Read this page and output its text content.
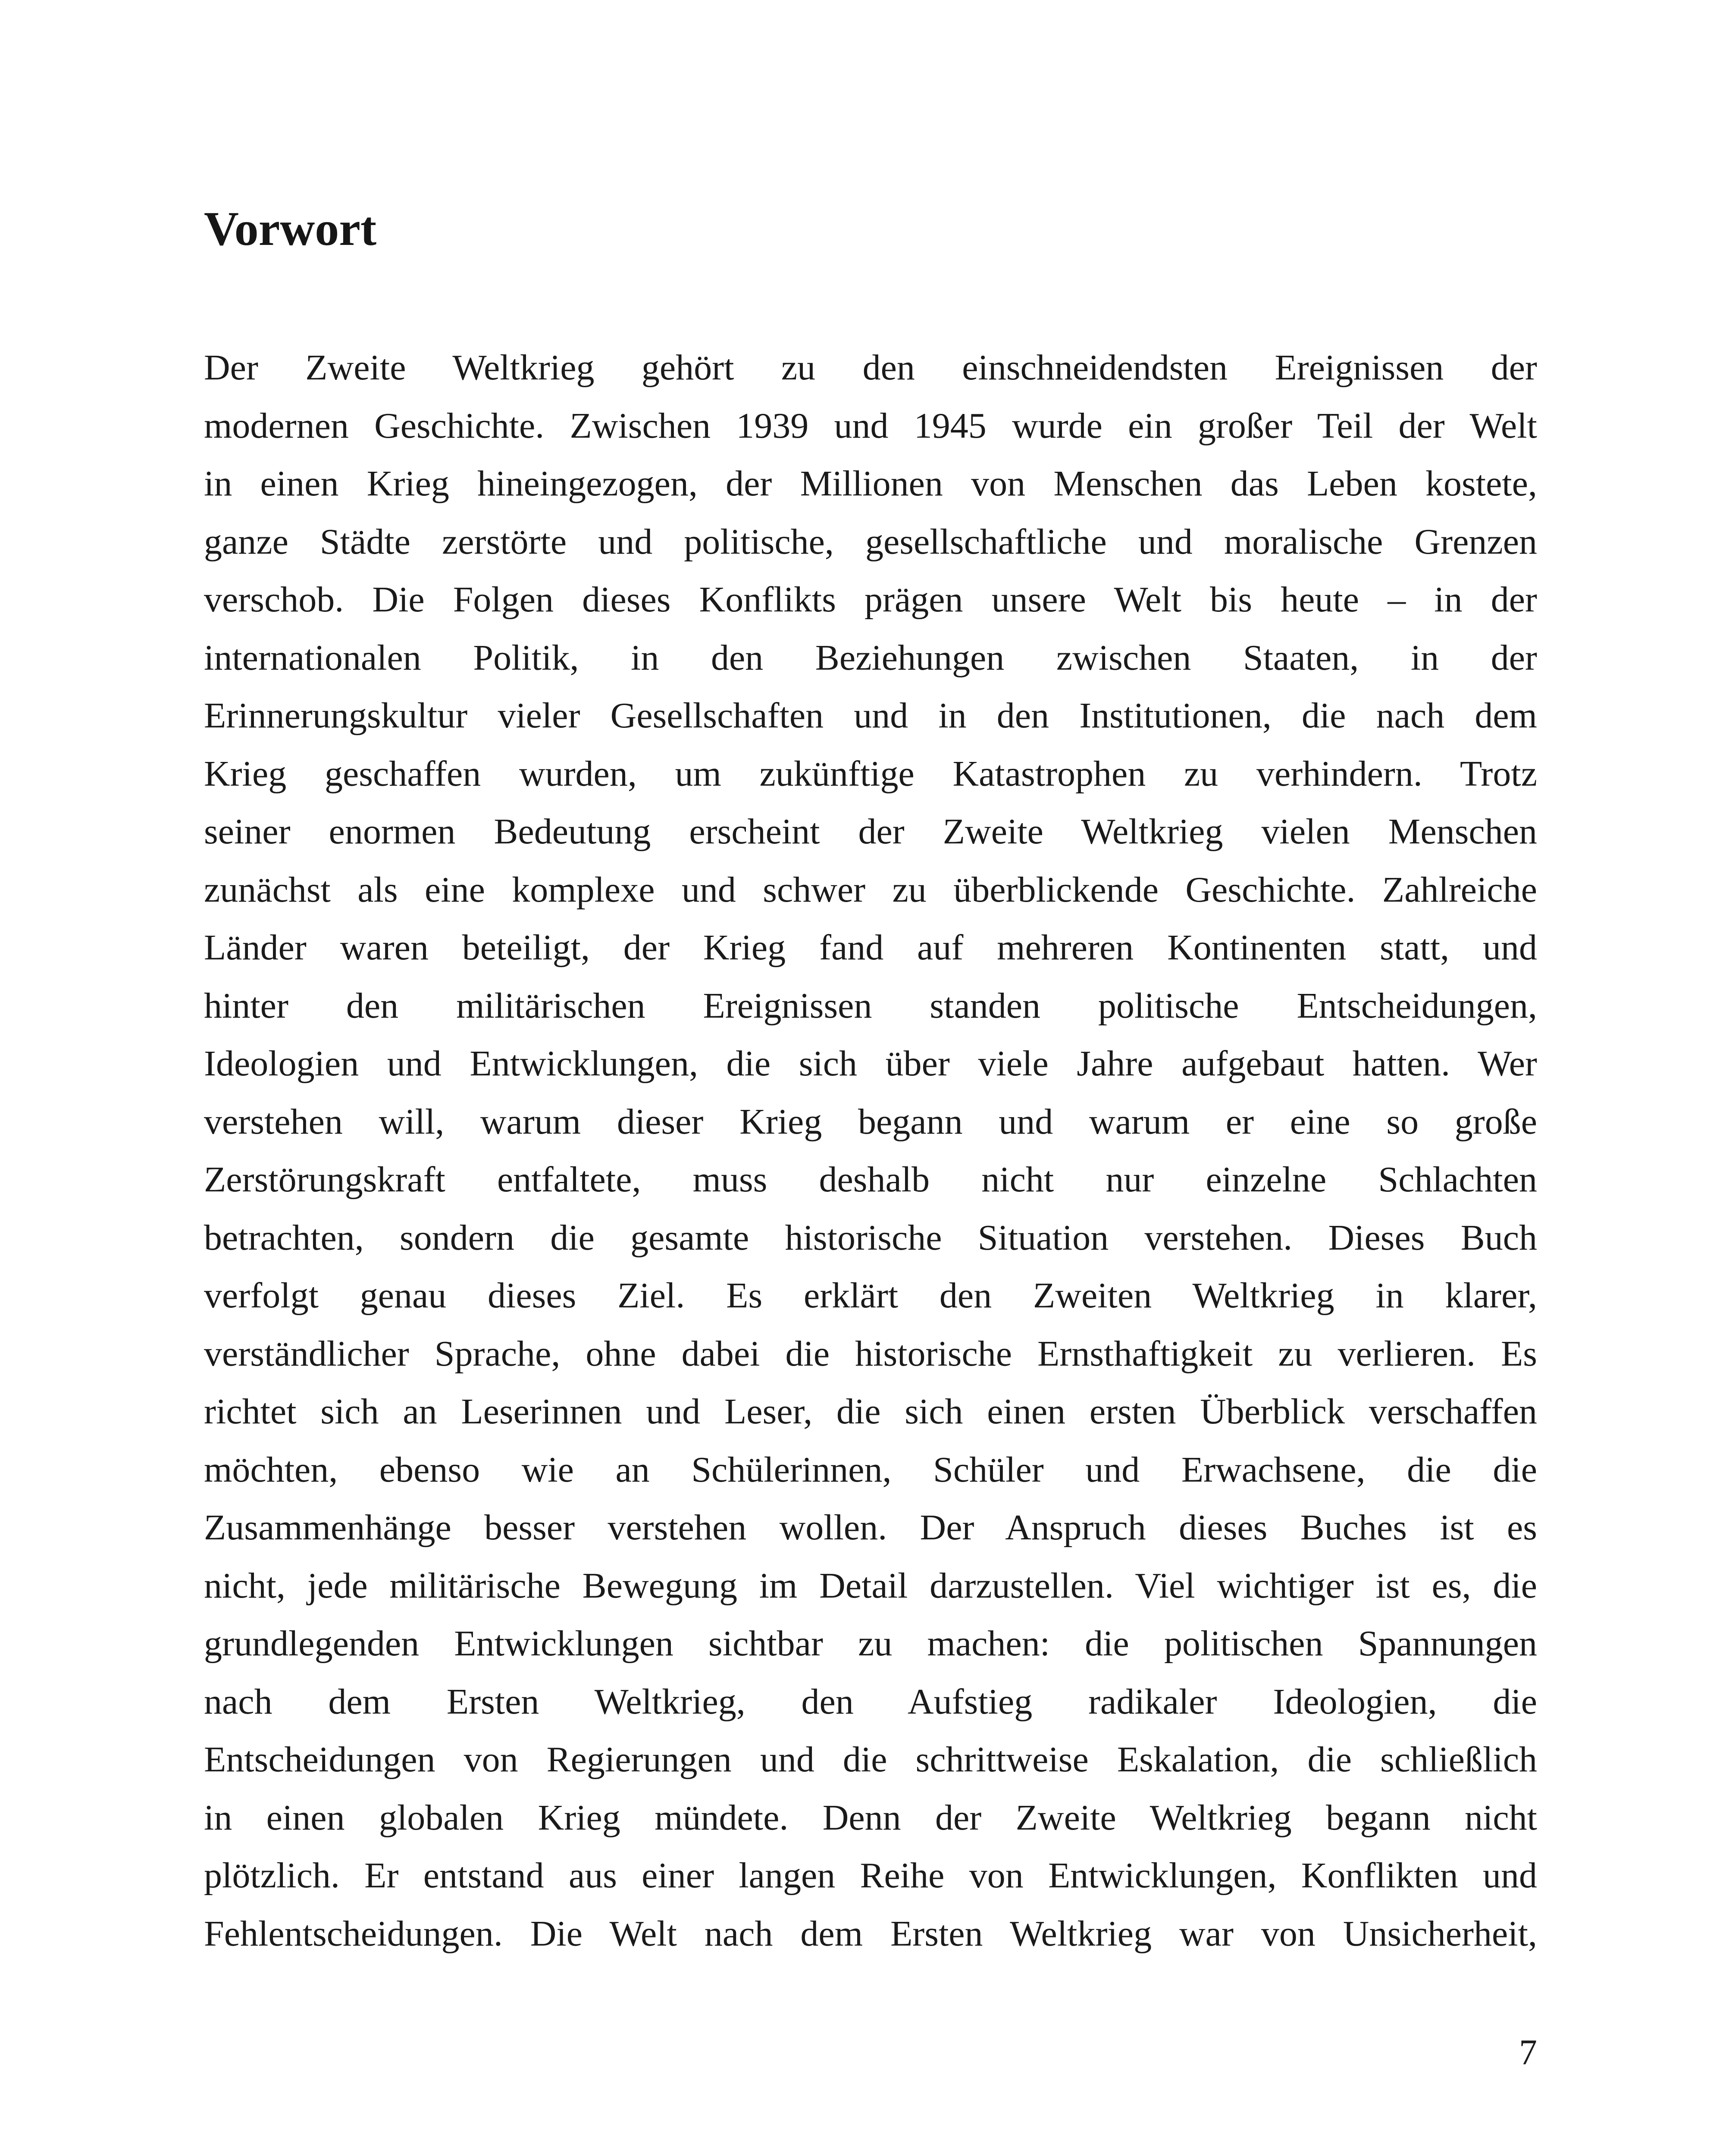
Vorwort
Der Zweite Weltkrieg gehört zu den einschneidendsten Ereignissen der
modernen Geschichte. Zwischen 1939 und 1945 wurde ein großer Teil der Welt
in einen Krieg hineingezogen, der Millionen von Menschen das Leben kostete,
ganze Städte zerstörte und politische, gesellschaftliche und moralische Grenzen
verschob. Die Folgen dieses Konflikts prägen unsere Welt bis heute – in der
internationalen Politik, in den Beziehungen zwischen Staaten, in der
Erinnerungskultur vieler Gesellschaften und in den Institutionen, die nach dem
Krieg geschaffen wurden, um zukünftige Katastrophen zu verhindern. Trotz
seiner enormen Bedeutung erscheint der Zweite Weltkrieg vielen Menschen
zunächst als eine komplexe und schwer zu überblickende Geschichte. Zahlreiche
Länder waren beteiligt, der Krieg fand auf mehreren Kontinenten statt, und
hinter den militärischen Ereignissen standen politische Entscheidungen,
Ideologien und Entwicklungen, die sich über viele Jahre aufgebaut hatten. Wer
verstehen will, warum dieser Krieg begann und warum er eine so große
Zerstörungskraft entfaltete, muss deshalb nicht nur einzelne Schlachten
betrachten, sondern die gesamte historische Situation verstehen. Dieses Buch
verfolgt genau dieses Ziel. Es erklärt den Zweiten Weltkrieg in klarer,
verständlicher Sprache, ohne dabei die historische Ernsthaftigkeit zu verlieren. Es
richtet sich an Leserinnen und Leser, die sich einen ersten Überblick verschaffen
möchten, ebenso wie an Schülerinnen, Schüler und Erwachsene, die die
Zusammenhänge besser verstehen wollen. Der Anspruch dieses Buches ist es
nicht, jede militärische Bewegung im Detail darzustellen. Viel wichtiger ist es, die
grundlegenden Entwicklungen sichtbar zu machen: die politischen Spannungen
nach dem Ersten Weltkrieg, den Aufstieg radikaler Ideologien, die
Entscheidungen von Regierungen und die schrittweise Eskalation, die schließlich
in einen globalen Krieg mündete. Denn der Zweite Weltkrieg begann nicht
plötzlich. Er entstand aus einer langen Reihe von Entwicklungen, Konflikten und
Fehlentscheidungen. Die Welt nach dem Ersten Weltkrieg war von Unsicherheit,
7
